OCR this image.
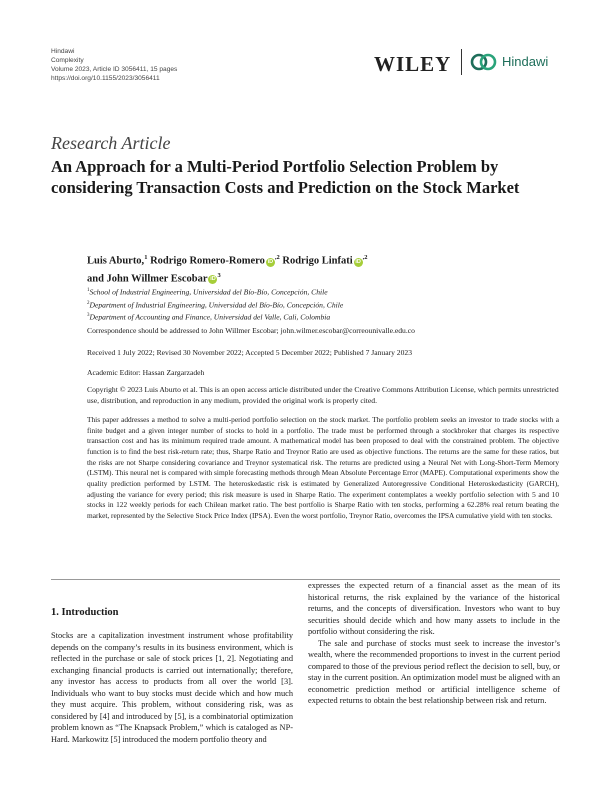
Hindawi
Complexity
Volume 2023, Article ID 3056411, 15 pages
https://doi.org/10.1155/2023/3056411
WILEY	Hindawi
Research Article
An Approach for a Multi-Period Portfolio Selection Problem by considering Transaction Costs and Prediction on the Stock Market
Luis Aburto,$^1$ Rodrigo Romero-Romero $iD^{,2}$ Rodrigo Linfati $iD^{,2}$
and John Willmer Escobar $iD^3$
$^1$School of Industrial Engineering, Universidad del Bío-Bío, Concepción, Chile
$^2$Department of Industrial Engineering, Universidad del Bío-Bío, Concepción, Chile
$^3$Department of Accounting and Finance, Universidad del Valle, Cali, Colombia
Correspondence should be addressed to John Willmer Escobar; john.wilmer.escobar@correounivalle.edu.co
Received 1 July 2022; Revised 30 November 2022; Accepted 5 December 2022; Published 7 January 2023
Academic Editor: Hassan Zargarzadeh
Copyright © 2023 Luis Aburto et al. This is an open access article distributed under the Creative Commons Attribution License, which permits unrestricted use, distribution, and reproduction in any medium, provided the original work is properly cited.
This paper addresses a method to solve a multi-period portfolio selection on the stock market. The portfolio problem seeks an investor to trade stocks with a finite budget and a given integer number of stocks to hold in a portfolio. The trade must be performed through a stockbroker that charges its respective transaction cost and has its minimum required trade amount. A mathematical model has been proposed to deal with the constrained problem. The objective function is to find the best risk-return rate; thus, Sharpe Ratio and Treynor Ratio are used as objective functions. The returns are the same for these ratios, but the risks are not Sharpe considering covariance and Treynor systematical risk. The returns are predicted using a Neural Net with Long-Short-Term Memory (LSTM). This neural net is compared with simple forecasting methods through Mean Absolute Percentage Error (MAPE). Computational experiments show the quality prediction performed by LSTM. The heteroskedastic risk is estimated by Generalized Autoregressive Conditional Heteroskedasticity (GARCH), adjusting the variance for every period; this risk measure is used in Sharpe Ratio. The experiment contemplates a weekly portfolio selection with 5 and 10 stocks in 122 weekly periods for each Chilean market ratio. The best portfolio is Sharpe Ratio with ten stocks, performing a 62.28% real return beating the market, represented by the Selective Stock Price Index (IPSA). Even the worst portfolio, Treynor Ratio, overcomes the IPSA cumulative yield with ten stocks.
1. Introduction

Stocks are a capitalization investment instrument whose profitability depends on the company’s results in its business environment, which is reflected in the purchase or sale of stock prices [1, 2]. Negotiating and exchanging financial products is carried out internationally; therefore, any investor has access to products from all over the world [3]. Individuals who want to buy stocks must decide which and how much they must acquire. This problem, without considering risk, was as considered by [4] and introduced by [5], is a combinatorial optimization problem known as “The Knapsack Problem,” which is cataloged as NP-Hard. Markowitz [5] introduced the modern portfolio theory and

expresses the expected return of a financial asset as the mean of its historical returns, the risk explained by the variance of the historical returns, and the concepts of diversification. Investors who want to buy securities should decide which and how many assets to include in the portfolio without considering the risk.

The sale and purchase of stocks must seek to increase the investor’s wealth, where the recommended proportions to invest in the current period compared to those of the previous period reflect the decision to sell, buy, or stay in the current position. An optimization model must be aligned with an econometric prediction method or artificial intelligence scheme of expected returns to obtain the best relationship between risk and return.
